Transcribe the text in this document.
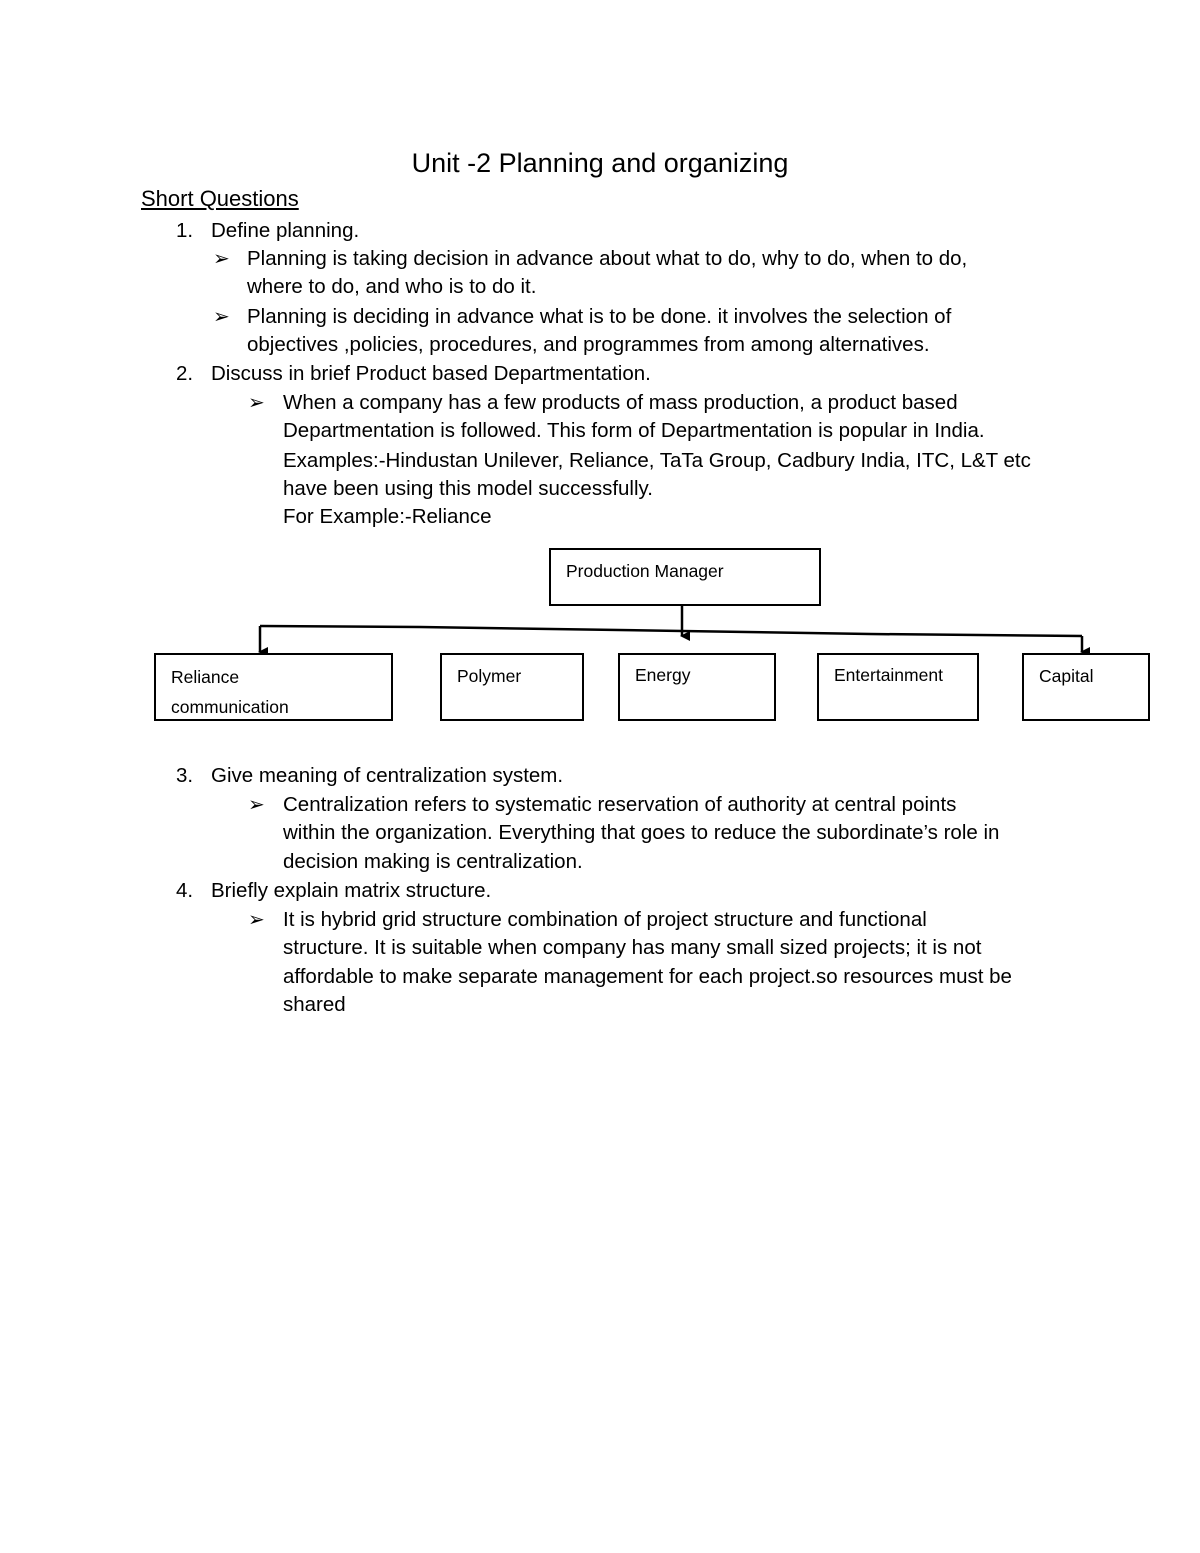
Unit -2 Planning and organizing
Short Questions
1. Define planning.
➢ Planning is taking decision in advance about what to do, why to do, when to do,
where to do, and who is to do it.
➢ Planning is deciding in advance what is to be done. it involves the selection of
objectives ,policies, procedures, and programmes from among alternatives.
2. Discuss in brief Product based Departmentation.
➢ When a company has a few products of mass production, a product based
Departmentation is followed. This form of Departmentation is popular in India.
Examples:-Hindustan Unilever, Reliance, TaTa Group, Cadbury India, ITC, L&T etc
have been using this model successfully.
For Example:-Reliance
Production Manager
Reliance
communication
Polymer	Energy	Entertainment	Capital
3. Give meaning of centralization system.
➢ Centralization refers to systematic reservation of authority at central points
within the organization. Everything that goes to reduce the subordinate’s role in
decision making is centralization.
4. Briefly explain matrix structure.
➢ It is hybrid grid structure combination of project structure and functional
structure. It is suitable when company has many small sized projects; it is not
affordable to make separate management for each project.so resources must be
shared
